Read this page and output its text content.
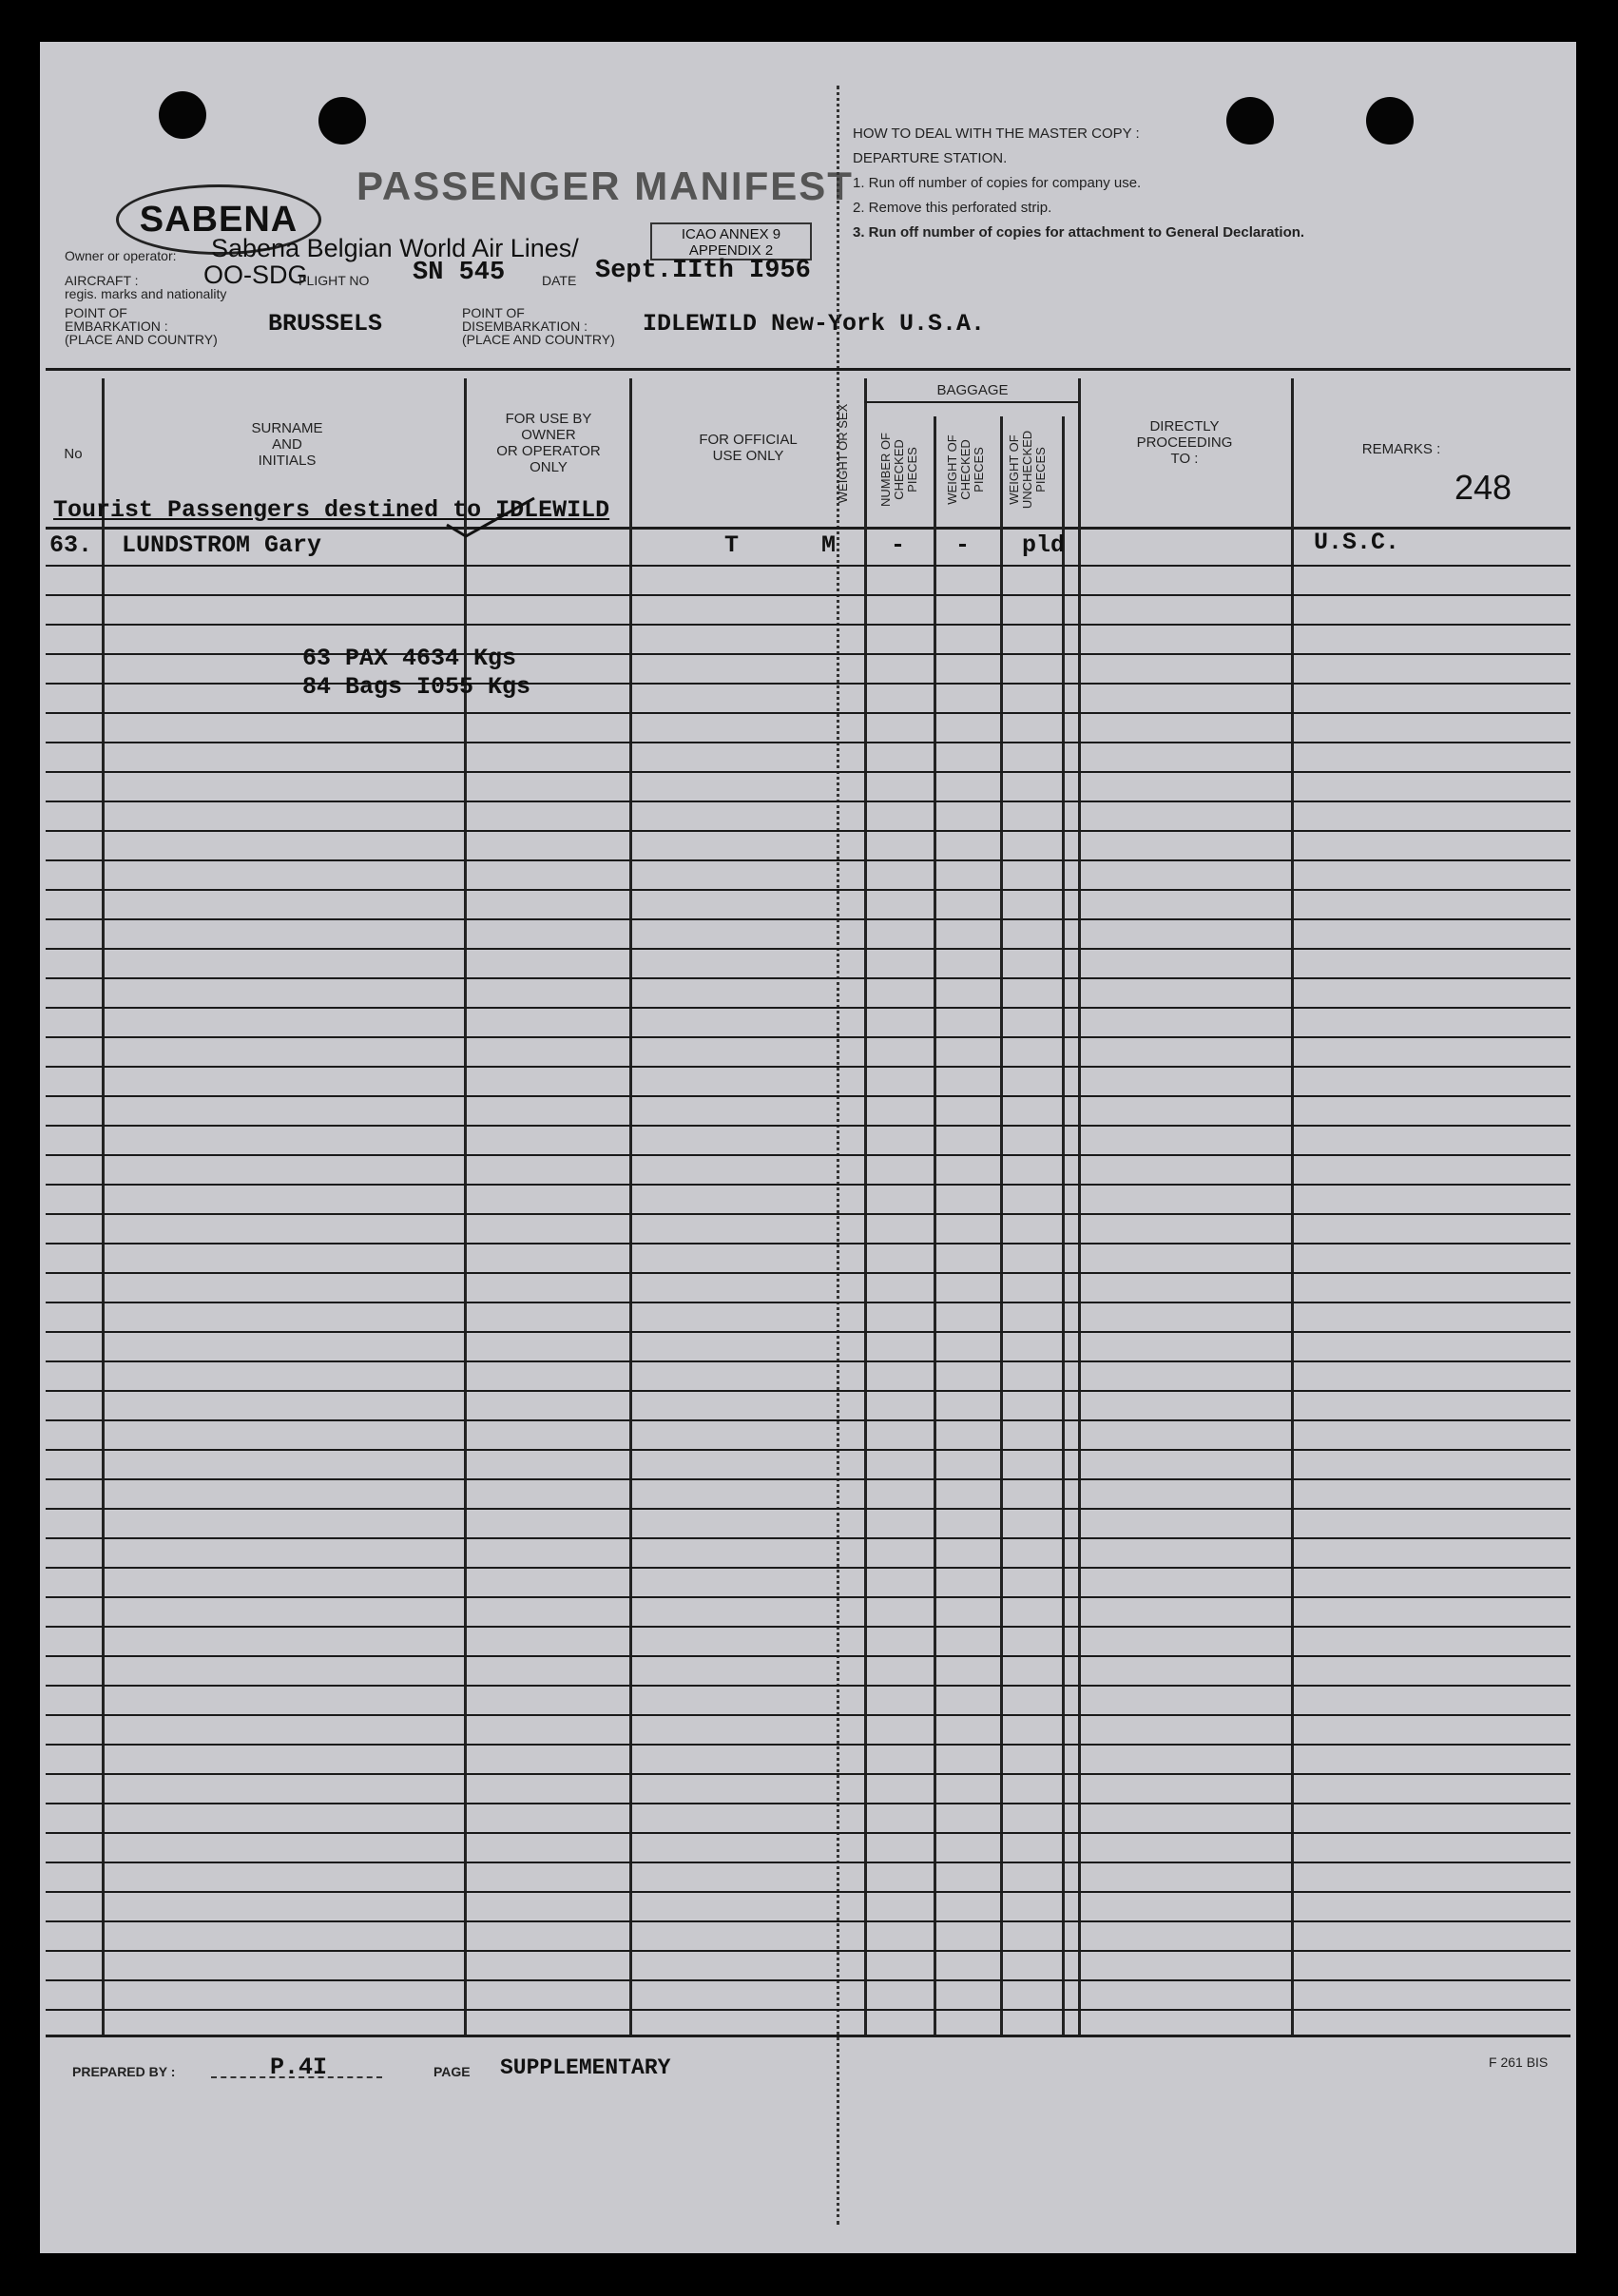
SABENA
PASSENGER MANIFEST
ICAO ANNEX 9
APPENDIX 2
HOW TO DEAL WITH THE MASTER COPY :
DEPARTURE STATION.
1. Run off number of copies for company use.
2. Remove this perforated strip.
3. Run off number of copies for attachment to General Declaration.
Owner or operator: Sabena Belgian World Air Lines/
AIRCRAFT :
regis. marks and nationality
OO-SDG
FLIGHT NO SN 545	DATE Sept.IIth I956
POINT OF
EMBARKATION :
(PLACE AND COUNTRY)
BRUSSELS	POINT OF
DISEMBARKATION :
(PLACE AND COUNTRY)
IDLEWILD New-York U.S.A.
No
SURNAME
AND
INITIALS
FOR USE BY
OWNER
OR OPERATOR
ONLY
FOR OFFICIAL
USE ONLY	WEIGHT OR SEX
BAGGAGE
NUMBER OF CHECKED PIECES WEIGHT OF CHECKED PIECES WEIGHT OF UNCHECKED PIECES
DIRECTLY
PROCEEDING
TO :
REMARKS :
248
Tourist Passengers destined to IDLEWILD
63. LUNDSTROM Gary	T	M - - pld	U.S.C.
63 PAX 4634 Kgs
84 Bags I055 Kgs
PREPARED BY :	P.4I	PAGE SUPPLEMENTARY	F 261 BIS
